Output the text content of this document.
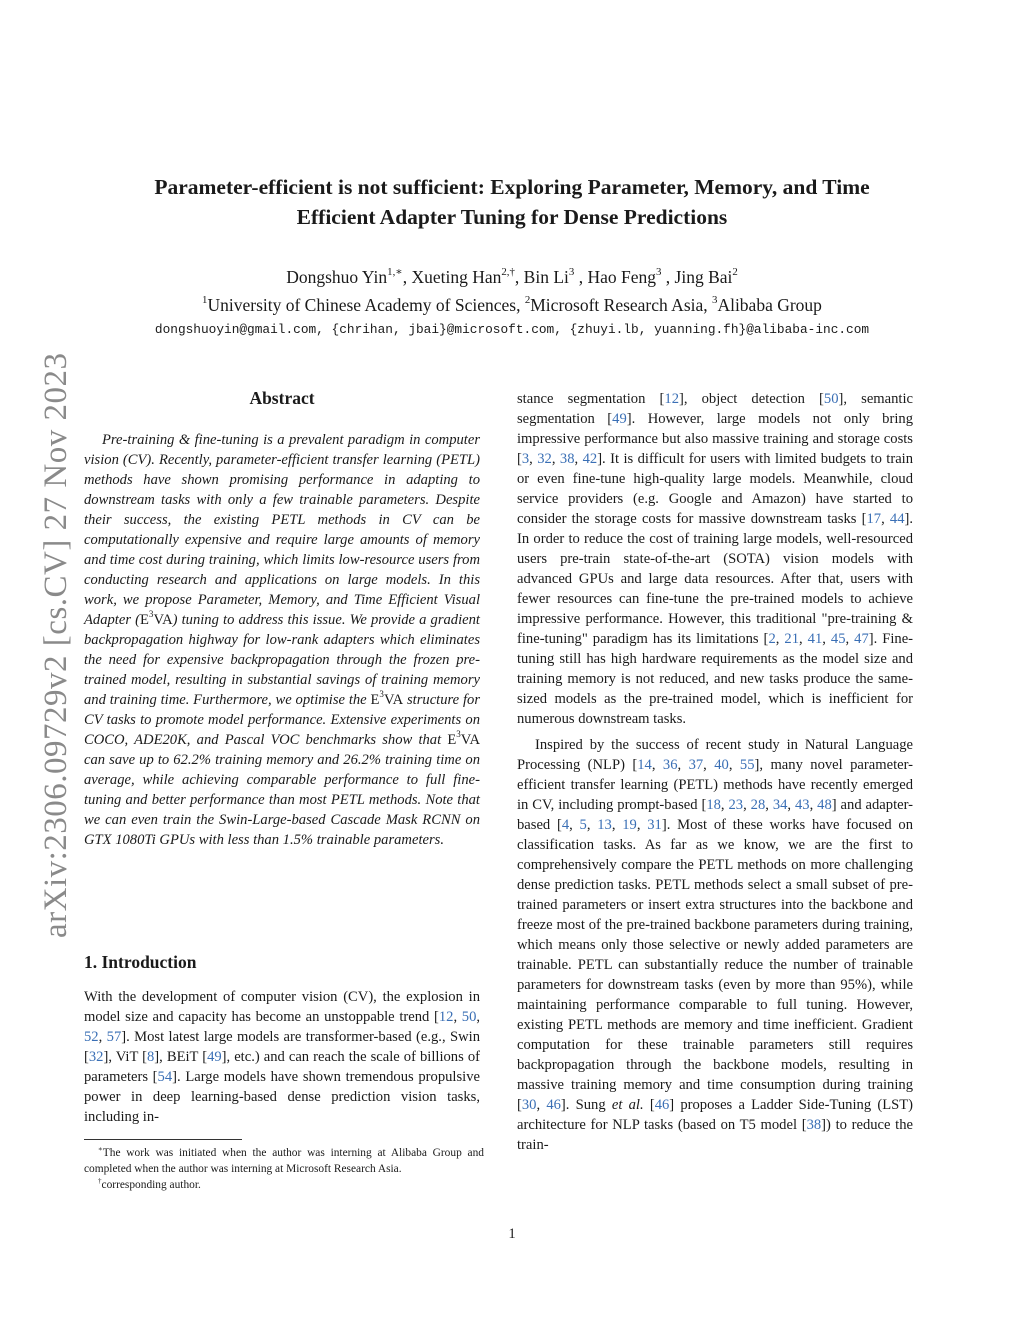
arXiv:2306.09729v2 [cs.CV] 27 Nov 2023
Parameter-efficient is not sufficient: Exploring Parameter, Memory, and Time
Efficient Adapter Tuning for Dense Predictions
Dongshuo Yin$^{1,∗}$, Xueting Han$^{2,\dagger}$, Bin Li$^3$ , Hao Feng$^3$ , Jing Bai$^2$
$^1$University of Chinese Academy of Sciences, $^2$Microsoft Research Asia, $^3$Alibaba Group
dongshuoyin@gmail.com, {chrihan, jbai}@microsoft.com, {zhuyi.lb, yuanning.fh}@alibaba-inc.com
Abstract

Pre-training & fine-tuning is a prevalent paradigm in computer vision (CV). Recently, parameter-efficient transfer learning (PETL) methods have shown promising performance in adapting to downstream tasks with only a few trainable parameters. Despite their success, the existing PETL methods in CV can be computationally expensive and require large amounts of memory and time cost during training, which limits low-resource users from conducting research and applications on large models. In this work, we propose Parameter, Memory, and Time Efficient Visual Adapter $(E^3VA)$ tuning to address this issue. We provide a gradient backpropagation highway for low-rank adapters which eliminates the need for expensive backpropagation through the frozen pre-trained model, resulting in substantial savings of training memory and training time. Furthermore, we optimise the $E^3VA$ structure for CV tasks to promote model performance. Extensive experiments on COCO, ADE20K, and Pascal VOC benchmarks show that $E^3VA$ can save up to 62.2% training memory and 26.2% training time on average, while achieving comparable performance to full fine-tuning and better performance than most PETL methods. Note that we can even train the Swin-Large-based Cascade Mask RCNN on GTX 1080Ti GPUs with less than 1.5% trainable parameters.

1. Introduction

With the development of computer vision (CV), the explosion in model size and capacity has become an unstoppable trend [12, 50, 52, 57]. Most latest large models are transformer-based (e.g., Swin [32], ViT [8], BEiT [49], etc.) and can reach the scale of billions of parameters [54]. Large models have shown tremendous propulsive power in deep learning-based dense prediction vision tasks, including in-

stance segmentation [12], object detection [50], semantic segmentation [49]. However, large models not only bring impressive performance but also massive training and storage costs [3, 32, 38, 42]. It is difficult for users with limited budgets to train or even fine-tune high-quality large models. Meanwhile, cloud service providers (e.g. Google and Amazon) have started to consider the storage costs for massive downstream tasks [17, 44]. In order to reduce the cost of training large models, well-resourced users pre-train state-of-the-art (SOTA) vision models with advanced GPUs and large data resources. After that, users with fewer resources can fine-tune the pre-trained models to achieve impressive performance. However, this traditional "pre-training & fine-tuning" paradigm has its limitations [2, 21, 41, 45, 47]. Fine-tuning still has high hardware requirements as the model size and training memory is not reduced, and new tasks produce the same-sized models as the pre-trained model, which is inefficient for numerous downstream tasks.

Inspired by the success of recent study in Natural Language Processing (NLP) [14, 36, 37, 40, 55], many novel parameter-efficient transfer learning (PETL) methods have recently emerged in CV, including prompt-based [18, 23, 28, 34, 43, 48] and adapter-based [4, 5, 13, 19, 31]. Most of these works have focused on classification tasks. As far as we know, we are the first to comprehensively compare the PETL methods on more challenging dense prediction tasks. PETL methods select a small subset of pre-trained parameters or insert extra structures into the backbone and freeze most of the pre-trained backbone parameters during training, which means only those selective or newly added parameters are trainable. PETL can substantially reduce the number of trainable parameters for downstream tasks (even by more than 95%), while maintaining performance comparable to full tuning. However, existing PETL methods are memory and time inefficient. Gradient computation for these trainable parameters still requires backpropagation through the backbone models, resulting in massive training memory and time consumption during training [30, 46]. Sung et al. [46] proposes a Ladder Side-Tuning (LST) architecture for NLP tasks (based on T5 model [38]) to reduce the train-

∗The work was initiated when the author was interning at Alibaba Group and completed when the author was interning at Microsoft Research Asia.

†corresponding author.

1
